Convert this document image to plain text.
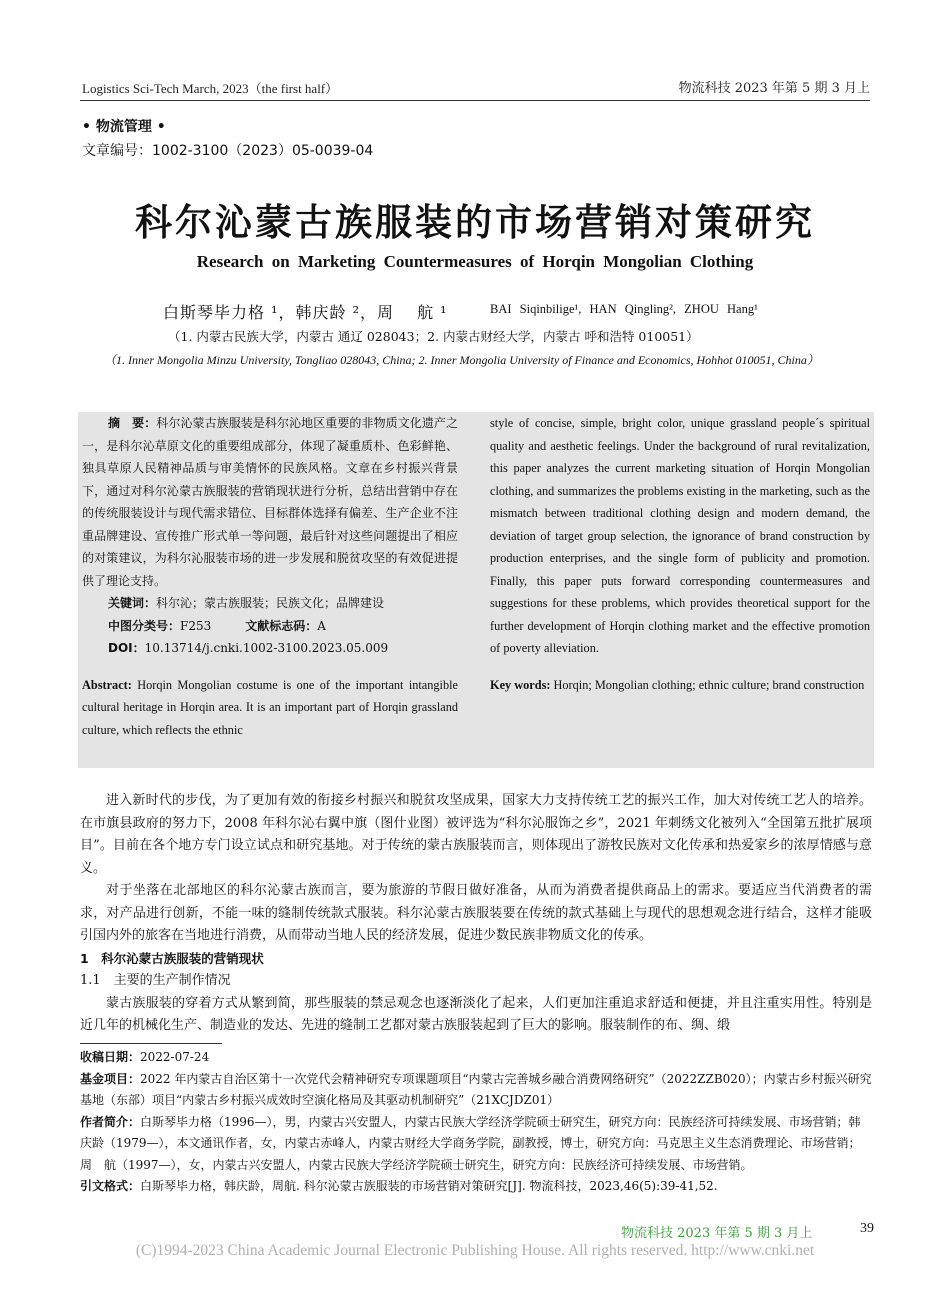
Logistics Sci-Tech March, 2023（the first half）	物流科技 2023 年第 5 期 3 月上
• 物流管理 •
文章编号：1002-3100（2023）05-0039-04
科尔沁蒙古族服装的市场营销对策研究
Research on Marketing Countermeasures of Horqin Mongolian Clothing
白斯琴毕力格 ¹，韩庆龄 ²，周 　航 ¹	BAI Siqinbilige¹, HAN Qingling², ZHOU Hang¹
（1. 内蒙古民族大学，内蒙古 通辽 028043；2. 内蒙古财经大学，内蒙古 呼和浩特 010051）
（1. Inner Mongolia Minzu University, Tongliao 028043, China; 2. Inner Mongolia University of Finance and Economics, Hohhot 010051, China）

摘　要：科尔沁蒙古族服装是科尔沁地区重要的非物质文化遗产之一，是科尔沁草原文化的重要组成部分，体现了凝重质朴、色彩鲜艳、独具草原人民精神品质与审美情怀的民族风格。文章在乡村振兴背景下，通过对科尔沁蒙古族服装的营销现状进行分析，总结出营销中存在的传统服装设计与现代需求错位、目标群体选择有偏差、生产企业不注重品牌建设、宣传推广形式单一等问题，最后针对这些问题提出了相应的对策建议，为科尔沁服装市场的进一步发展和脱贫攻坚的有效促进提供了理论支持。

关键词：科尔沁；蒙古族服装；民族文化；品牌建设

中图分类号：F253	文献标志码：A

DOI：10.13714/j.cnki.1002-3100.2023.05.009

Abstract: Horqin Mongolian costume is one of the important intangible cultural heritage in Horqin area. It is an important part of Horqin grassland culture, which reflects the ethnic

style of concise, simple, bright color, unique grassland people´s spiritual quality and aesthetic feelings. Under the background of rural revitalization, this paper analyzes the current marketing situation of Horqin Mongolian clothing, and summarizes the problems existing in the marketing, such as the mismatch between traditional clothing design and modern demand, the deviation of target group selection, the ignorance of brand construction by production enterprises, and the single form of publicity and promotion. Finally, this paper puts forward corresponding countermeasures and suggestions for these problems, which provides theoretical support for the further development of Horqin clothing market and the effective promotion of poverty alleviation.

Key words: Horqin; Mongolian clothing; ethnic culture; brand construction

进入新时代的步伐，为了更加有效的衔接乡村振兴和脱贫攻坚成果，国家大力支持传统工艺的振兴工作，加大对传统工艺人的培养。在市旗县政府的努力下，2008 年科尔沁右翼中旗（图什业图）被评选为“科尔沁服饰之乡”，2021 年刺绣文化被列入“全国第五批扩展项目”。目前在各个地方专门设立试点和研究基地。对于传统的蒙古族服装而言，则体现出了游牧民族对文化传承和热爱家乡的浓厚情感与意义。

对于坐落在北部地区的科尔沁蒙古族而言，要为旅游的节假日做好准备，从而为消费者提供商品上的需求。要适应当代消费者的需求，对产品进行创新，不能一味的缝制传统款式服装。科尔沁蒙古族服装要在传统的款式基础上与现代的思想观念进行结合，这样才能吸引国内外的旅客在当地进行消费，从而带动当地人民的经济发展，促进少数民族非物质文化的传承。

1　科尔沁蒙古族服装的营销现状

1.1　主要的生产制作情况

蒙古族服装的穿着方式从繁到简，那些服装的禁忌观念也逐渐淡化了起来，人们更加注重追求舒适和便捷，并且注重实用性。特别是近几年的机械化生产、制造业的发达、先进的缝制工艺都对蒙古族服装起到了巨大的影响。服装制作的布、绸、缎

收稿日期：2022-07-24

基金项目：2022 年内蒙古自治区第十一次党代会精神研究专项课题项目“内蒙古完善城乡融合消费网络研究”（2022ZZB020）；内蒙古乡村振兴研究基地（东部）项目“内蒙古乡村振兴成效时空演化格局及其驱动机制研究”（21XCJDZ01）

作者简介：白斯琴毕力格（1996—），男，内蒙古兴安盟人，内蒙古民族大学经济学院硕士研究生，研究方向：民族经济可持续发展、市场营销；韩庆龄（1979—），本文通讯作者，女，内蒙古赤峰人，内蒙古财经大学商务学院，副教授，博士，研究方向：马克思主义生态消费理论、市场营销；周　航（1997—），女，内蒙古兴安盟人，内蒙古民族大学经济学院硕士研究生，研究方向：民族经济可持续发展、市场营销。

引文格式：白斯琴毕力格，韩庆龄，周航. 科尔沁蒙古族服装的市场营销对策研究[J]. 物流科技，2023,46(5):39-41,52.

物流科技 2023 年第 5 期 3 月上	39
(C)1994-2023 China Academic Journal Electronic Publishing House. All rights reserved. http://www.cnki.net
